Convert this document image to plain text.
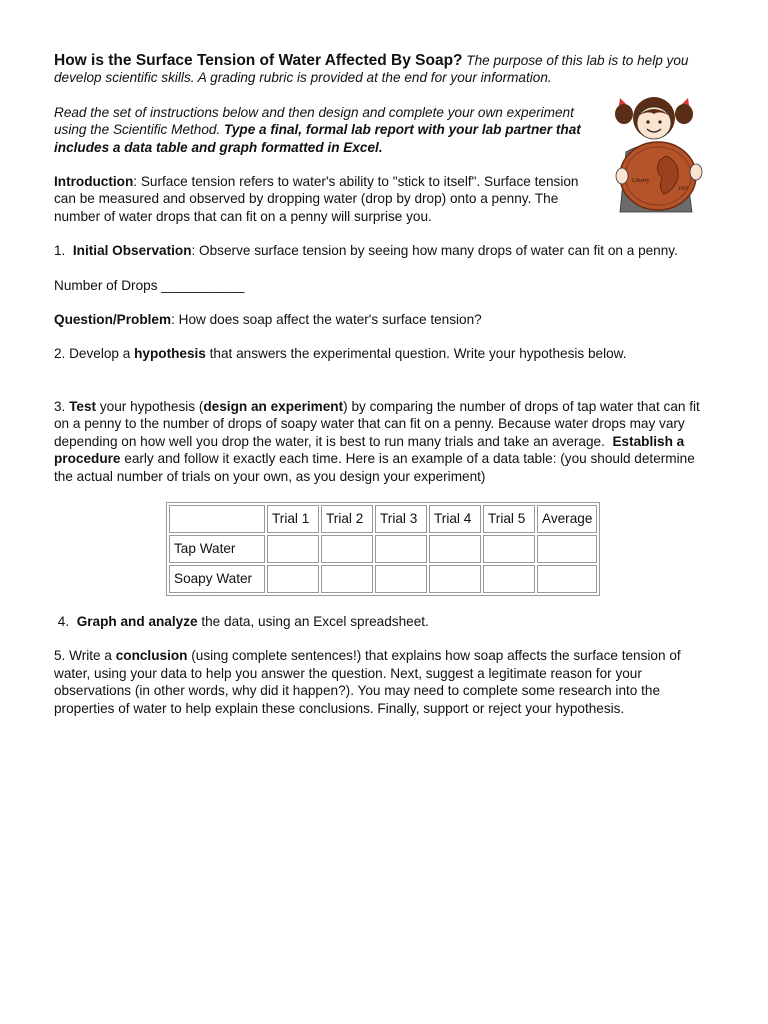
How is the Surface Tension of Water Affected By Soap? The purpose of this lab is to help you develop scientific skills. A grading rubric is provided at the end for your information.

Read the set of instructions below and then design and complete your own experiment using the Scientific Method. Type a final, formal lab report with your lab partner that includes a data table and graph formatted in Excel.

Introduction: Surface tension refers to water's ability to "stick to itself". Surface tension can be measured and observed by dropping water (drop by drop) onto a penny. The number of water drops that can fit on a penny will surprise you.

1. Initial Observation: Observe surface tension by seeing how many drops of water can fit on a penny.

Number of Drops ___________

Question/Problem: How does soap affect the water's surface tension?

2. Develop a hypothesis that answers the experimental question. Write your hypothesis below.

3. Test your hypothesis (design an experiment) by comparing the number of drops of tap water that can fit on a penny to the number of drops of soapy water that can fit on a penny. Because water drops may vary depending on how well you drop the water, it is best to run many trials and take an average. Establish a procedure early and follow it exactly each time. Here is an example of a data table: (you should determine the actual number of trials on your own, as you design your experiment)

	Trial 1	Trial 2	Trial 3	Trial 4	Trial 5	Average
Tap Water						
Soapy Water						

4. Graph and analyze the data, using an Excel spreadsheet.

5. Write a conclusion (using complete sentences!) that explains how soap affects the surface tension of water, using your data to help you answer the question. Next, suggest a legitimate reason for your observations (in other words, why did it happen?). You may need to complete some research into the properties of water to help explain these conclusions. Finally, support or reject your hypothesis.

Liberty
1999
